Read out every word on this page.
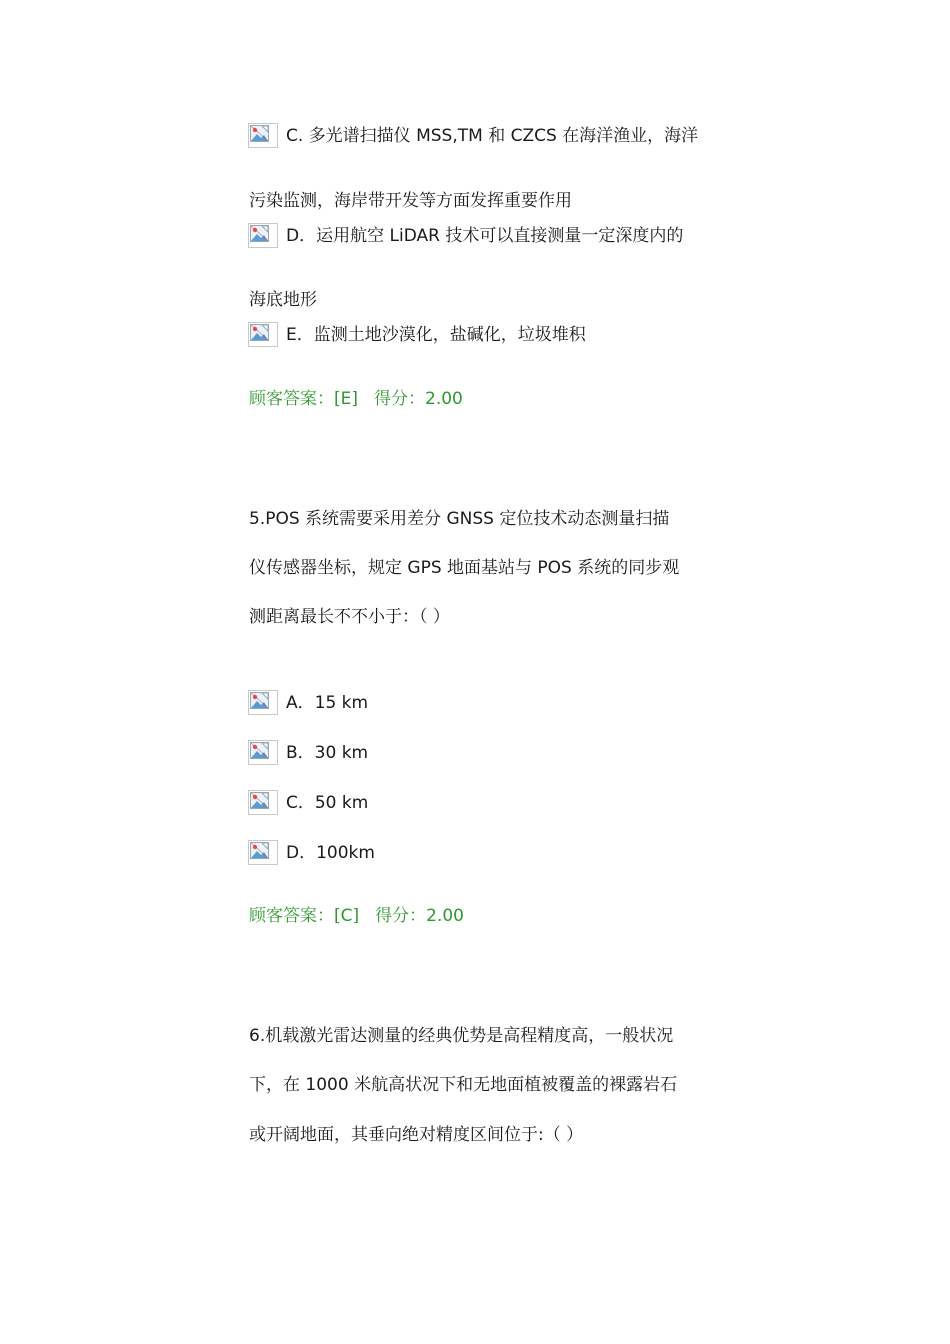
C. 多光谱扫描仪 MSS,TM 和 CZCS 在海洋渔业，海洋
污染监测，海岸带开发等方面发挥重要作用
D．运用航空 LiDAR 技术可以直接测量一定深度内的
海底地形
E．监测土地沙漠化，盐碱化，垃圾堆积
顾客答案：[E] 得分：2.00
5.POS 系统需要采用差分 GNSS 定位技术动态测量扫描
仪传感器坐标，规定 GPS 地面基站与 POS 系统的同步观
测距离最长不不小于：（ ）
A．15 km
B．30 km
C．50 km
D．100km
顾客答案：[C] 得分：2.00
6.机载激光雷达测量的经典优势是高程精度高，一般状况
下，在 1000 米航高状况下和无地面植被覆盖的裸露岩石
或开阔地面，其垂向绝对精度区间位于:（ ）
